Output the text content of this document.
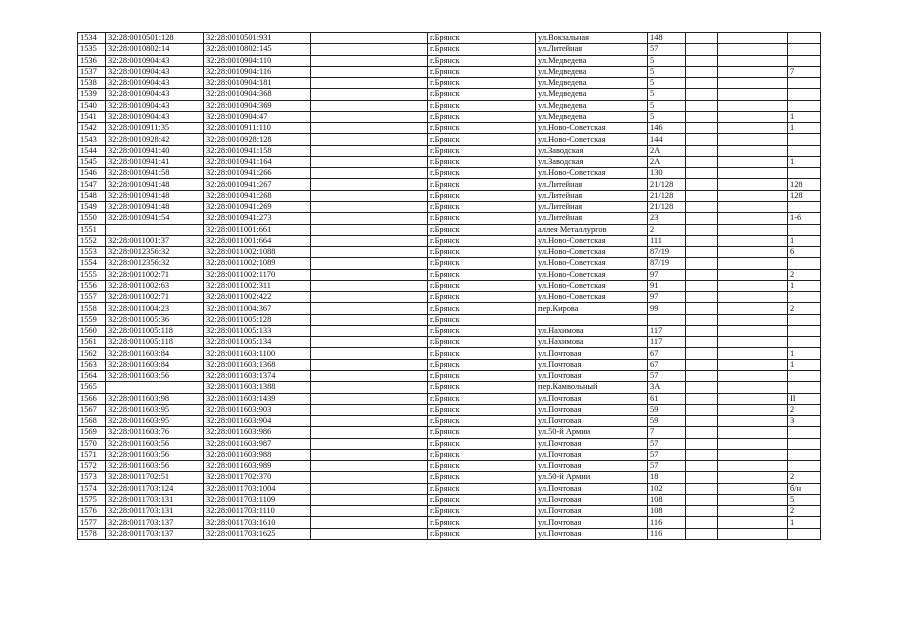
1534	32:28:0010501:128	32:28:0010501:931		г.Брянск	ул.Вокзальная	148			
1535	32:28:0010802:14	32:28:0010802:145		г.Брянск	ул.Литейная	57			
1536	32:28:0010904:43	32:28:0010904:110		г.Брянск	ул.Медведева	5			
1537	32:28:0010904:43	32:28:0010904:116		г.Брянск	ул.Медведева	5			7
1538	32:28:0010904:43	32:28:0010904:181		г.Брянск	ул.Медведева	5			
1539	32:28:0010904:43	32:28:0010904:368		г.Брянск	ул.Медведева	5			
1540	32:28:0010904:43	32:28:0010904:369		г.Брянск	ул.Медведева	5			
1541	32:28:0010904:43	32:28:0010904:47		г.Брянск	ул.Медведева	5			1
1542	32:28:0010911:35	32:28:0010911:110		г.Брянск	ул.Ново-Советская	146			1
1543	32:28:0010928:42	32:28:0010928:128		г.Брянск	ул.Ново-Советская	144			
1544	32:28:0010941:40	32:28:0010941:158		г.Брянск	ул.Заводская	2А			
1545	32:28:0010941:41	32:28:0010941:164		г.Брянск	ул.Заводская	2А			1
1546	32:28:0010941:58	32:28:0010941:266		г.Брянск	ул.Ново-Советская	130			
1547	32:28:0010941:48	32:28:0010941:267		г.Брянск	ул.Литейная	21/128			128
1548	32:28:0010941:48	32:28:0010941:268		г.Брянск	ул.Литейная	21/128			128
1549	32:28:0010941:48	32:28:0010941:269		г.Брянск	ул.Литейная	21/128			
1550	32:28:0010941:54	32:28:0010941:273		г.Брянск	ул.Литейная	23			1-6
1551		32:28:0011001:661		г.Брянск	аллея Металлургов	2			
1552	32:28:0011001:37	32:28:0011001:664		г.Брянск	ул.Ново-Советская	111			1
1553	32:28:0012356:32	32:28:0011002:1088		г.Брянск	ул.Ново-Советская	87/19			6
1554	32:28:0012356:32	32:28:0011002:1089		г.Брянск	ул.Ново-Советская	87/19			
1555	32:28:0011002:71	32:28:0011002:1170		г.Брянск	ул.Ново-Советская	97			2
1556	32:28:0011002:63	32:28:0011002:311		г.Брянск	ул.Ново-Советская	91			1
1557	32:28:0011002:71	32:28:0011002:422		г.Брянск	ул.Ново-Советская	97			
1558	32:28:0011004:23	32:28:0011004:367		г.Брянск	пер.Кирова	99			2
1559	32:28:0011005:36	32:28:0011005:128		г.Брянск					
1560	32:28:0011005:118	32:28:0011005:133		г.Брянск	ул.Нахимова	117			
1561	32:28:0011005:118	32:28:0011005:134		г.Брянск	ул.Нахимова	117			
1562	32:28:0011603:84	32:28:0011603:1100		г.Брянск	ул.Почтовая	67			1
1563	32:28:0011603:84	32:28:0011603:1368		г.Брянск	ул.Почтовая	67			1
1564	32:28:0011603:56	32:28:0011603:1374		г.Брянск	ул.Почтовая	57			
1565		32:28:0011603:1388		г.Брянск	пер.Камвольный	3А			
1566	32:28:0011603:98	32:28:0011603:1439		г.Брянск	ул.Почтовая	61			II
1567	32:28:0011603:95	32:28:0011603:903		г.Брянск	ул.Почтовая	59			2
1568	32:28:0011603:95	32:28:0011603:904		г.Брянск	ул.Почтовая	59			3
1569	32:28:0011603:76	32:28:0011603:986		г.Брянск	ул.50-й Армии	7			
1570	32:28:0011603:56	32:28:0011603:987		г.Брянск	ул.Почтовая	57			
1571	32:28:0011603:56	32:28:0011603:988		г.Брянск	ул.Почтовая	57			
1572	32:28:0011603:56	32:28:0011603:989		г.Брянск	ул.Почтовая	57			
1573	32:28:0011702:51	32:28:0011702:370		г.Брянск	ул.50-й Армии	18			2
1574	32:28:0011703:124	32:28:0011703:1004		г.Брянск	ул.Почтовая	102			б/н
1575	32:28:0011703:131	32:28:0011703:1109		г.Брянск	ул.Почтовая	108			5
1576	32:28:0011703:131	32:28:0011703:1110		г.Брянск	ул.Почтовая	108			2
1577	32:28:0011703:137	32:28:0011703:1610		г.Брянск	ул.Почтовая	116			1
1578	32:28:0011703:137	32:28:0011703:1625		г.Брянск	ул.Почтовая	116			
